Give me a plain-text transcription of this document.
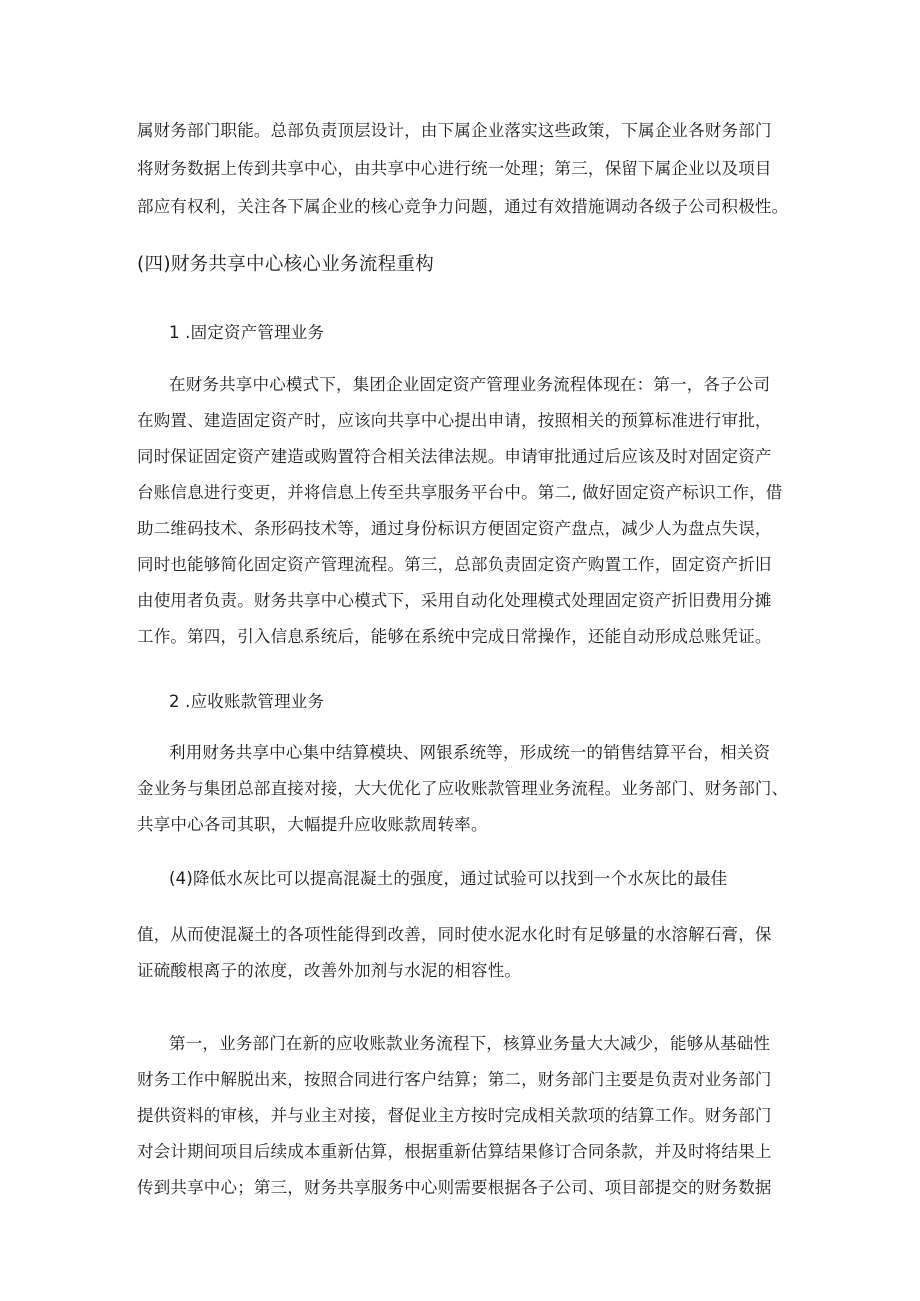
属财务部门职能。总部负责顶层设计，由下属企业落实这些政策，下属企业各财务部门

将财务数据上传到共享中心，由共享中心进行统一处理；第三，保留下属企业以及项目

部应有权利，关注各下属企业的核心竞争力问题，通过有效措施调动各级子公司积极性。

(四)财务共享中心核心业务流程重构

1 .固定资产管理业务

在财务共享中心模式下，集团企业固定资产管理业务流程体现在：第一，各子公司

在购置、建造固定资产时，应该向共享中心提出申请，按照相关的预算标准进行审批，

同时保证固定资产建造或购置符合相关法律法规。申请审批通过后应该及时对固定资产

台账信息进行变更，并将信息上传至共享服务平台中。第二, 做好固定资产标识工作，借

助二维码技术、条形码技术等，通过身份标识方便固定资产盘点，减少人为盘点失误，

同时也能够简化固定资产管理流程。第三，总部负责固定资产购置工作，固定资产折旧

由使用者负责。财务共享中心模式下，采用自动化处理模式处理固定资产折旧费用分摊

工作。第四，引入信息系统后，能够在系统中完成日常操作，还能自动形成总账凭证。

2 .应收账款管理业务

利用财务共享中心集中结算模块、网银系统等，形成统一的销售结算平台，相关资

金业务与集团总部直接对接，大大优化了应收账款管理业务流程。业务部门、财务部门、

共享中心各司其职，大幅提升应收账款周转率。

(4)降低水灰比可以提高混凝土的强度，通过试验可以找到一个水灰比的最佳

值，从而使混凝土的各项性能得到改善，同时使水泥水化时有足够量的水溶解石膏，保

证硫酸根离子的浓度，改善外加剂与水泥的相容性。

第一，业务部门在新的应收账款业务流程下，核算业务量大大减少，能够从基础性

财务工作中解脱出来，按照合同进行客户结算；第二，财务部门主要是负责对业务部门

提供资料的审核，并与业主对接，督促业主方按时完成相关款项的结算工作。财务部门

对会计期间项目后续成本重新估算，根据重新估算结果修订合同条款，并及时将结果上

传到共享中心；第三，财务共享服务中心则需要根据各子公司、项目部提交的财务数据
